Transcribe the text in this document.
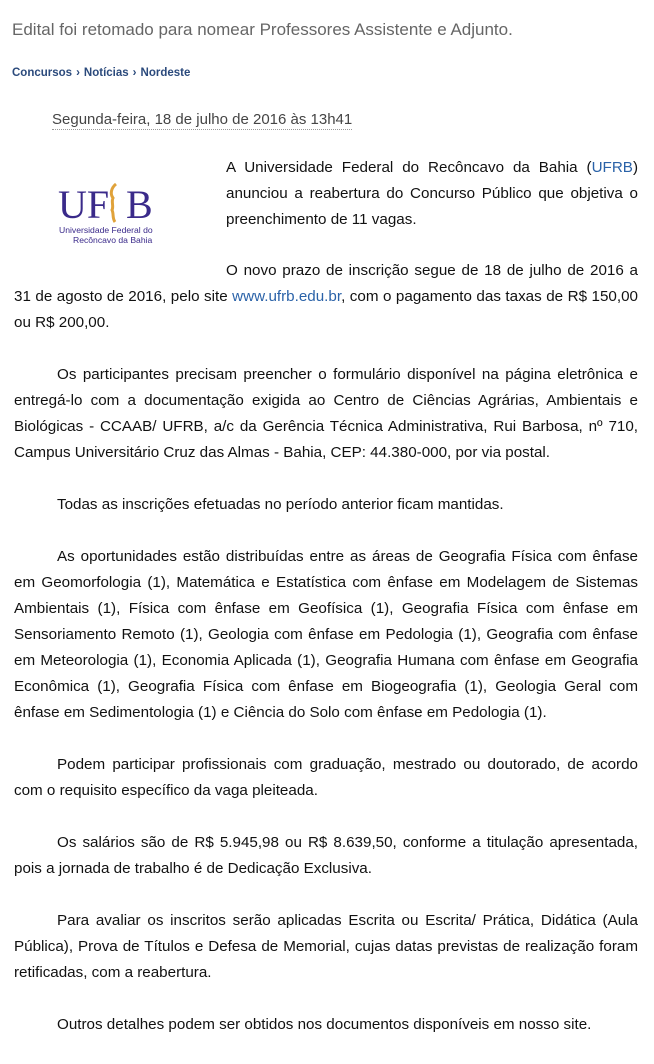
Edital foi retomado para nomear Professores Assistente e Adjunto.
Concursos › Notícias › Nordeste
Segunda-feira, 18 de julho de 2016 às 13h41
UF B
Universidade Federal do
Recôncavo da Bahia

A Universidade Federal do Recôncavo da Bahia (UFRB) anunciou a reabertura do Concurso Público que objetiva o preenchimento de 11 vagas.

O novo prazo de inscrição segue de 18 de julho de 2016 a 31 de agosto de 2016, pelo site www.ufrb.edu.br, com o pagamento das taxas de R$ 150,00 ou R$ 200,00.

Os participantes precisam preencher o formulário disponível na página eletrônica e entregá-lo com a documentação exigida ao Centro de Ciências Agrárias, Ambientais e Biológicas - CCAAB/ UFRB, a/c da Gerência Técnica Administrativa, Rui Barbosa, nº 710, Campus Universitário Cruz das Almas - Bahia, CEP: 44.380-000, por via postal.

Todas as inscrições efetuadas no período anterior ficam mantidas.

As oportunidades estão distribuídas entre as áreas de Geografia Física com ênfase em Geomorfologia (1), Matemática e Estatística com ênfase em Modelagem de Sistemas Ambientais (1), Física com ênfase em Geofísica (1), Geografia Física com ênfase em Sensoriamento Remoto (1), Geologia com ênfase em Pedologia (1), Geografia com ênfase em Meteorologia (1), Economia Aplicada (1), Geografia Humana com ênfase em Geografia Econômica (1), Geografia Física com ênfase em Biogeografia (1), Geologia Geral com ênfase em Sedimentologia (1) e Ciência do Solo com ênfase em Pedologia (1).

Podem participar profissionais com graduação, mestrado ou doutorado, de acordo com o requisito específico da vaga pleiteada.

Os salários são de R$ 5.945,98 ou R$ 8.639,50, conforme a titulação apresentada, pois a jornada de trabalho é de Dedicação Exclusiva.

Para avaliar os inscritos serão aplicadas Escrita ou Escrita/ Prática, Didática (Aula Pública), Prova de Títulos e Defesa de Memorial, cujas datas previstas de realização foram retificadas, com a reabertura.

Outros detalhes podem ser obtidos nos documentos disponíveis em nosso site.
